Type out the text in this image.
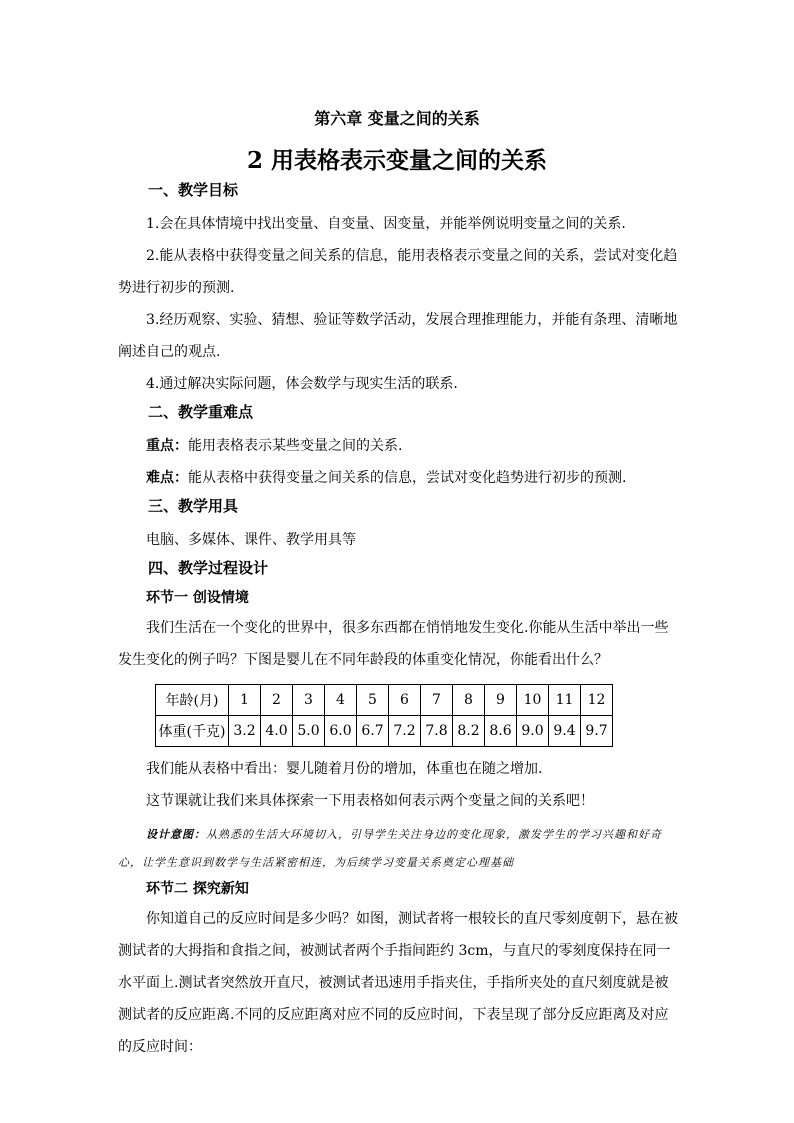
第六章 变量之间的关系
2 用表格表示变量之间的关系
一、教学目标

1.会在具体情境中找出变量、自变量、因变量，并能举例说明变量之间的关系.

2.能从表格中获得变量之间关系的信息，能用表格表示变量之间的关系，尝试对变化趋势进行初步的预测.

3.经历观察、实验、猜想、验证等数学活动，发展合理推理能力，并能有条理、清晰地阐述自己的观点.

4.通过解决实际问题，体会数学与现实生活的联系.

二、教学重难点

重点：能用表格表示某些变量之间的关系.

难点：能从表格中获得变量之间关系的信息，尝试对变化趋势进行初步的预测.

三、教学用具

电脑、多媒体、课件、教学用具等

四、教学过程设计
环节一 创设情境

我们生活在一个变化的世界中，很多东西都在悄悄地发生变化.你能从生活中举出一些发生变化的例子吗？下图是婴儿在不同年龄段的体重变化情况，你能看出什么？

年龄(月)	1	2	3	4	5	6	7	8	9	10	11	12
体重(千克)	3.2	4.0	5.0	6.0	6.7	7.2	7.8	8.2	8.6	9.0	9.4	9.7

我们能从表格中看出：婴儿随着月份的增加，体重也在随之增加.

这节课就让我们来具体探索一下用表格如何表示两个变量之间的关系吧！

设计意图：从熟悉的生活大环境切入，引导学生关注身边的变化现象，激发学生的学习兴趣和好奇心，让学生意识到数学与生活紧密相连，为后续学习变量关系奠定心理基础

环节二 探究新知

你知道自己的反应时间是多少吗？如图，测试者将一根较长的直尺零刻度朝下，悬在被测试者的大拇指和食指之间，被测试者两个手指间距约 3cm，与直尺的零刻度保持在同一水平面上.测试者突然放开直尺，被测试者迅速用手指夹住，手指所夹处的直尺刻度就是被测试者的反应距离.不同的反应距离对应不同的反应时间，下表呈现了部分反应距离及对应的反应时间：
